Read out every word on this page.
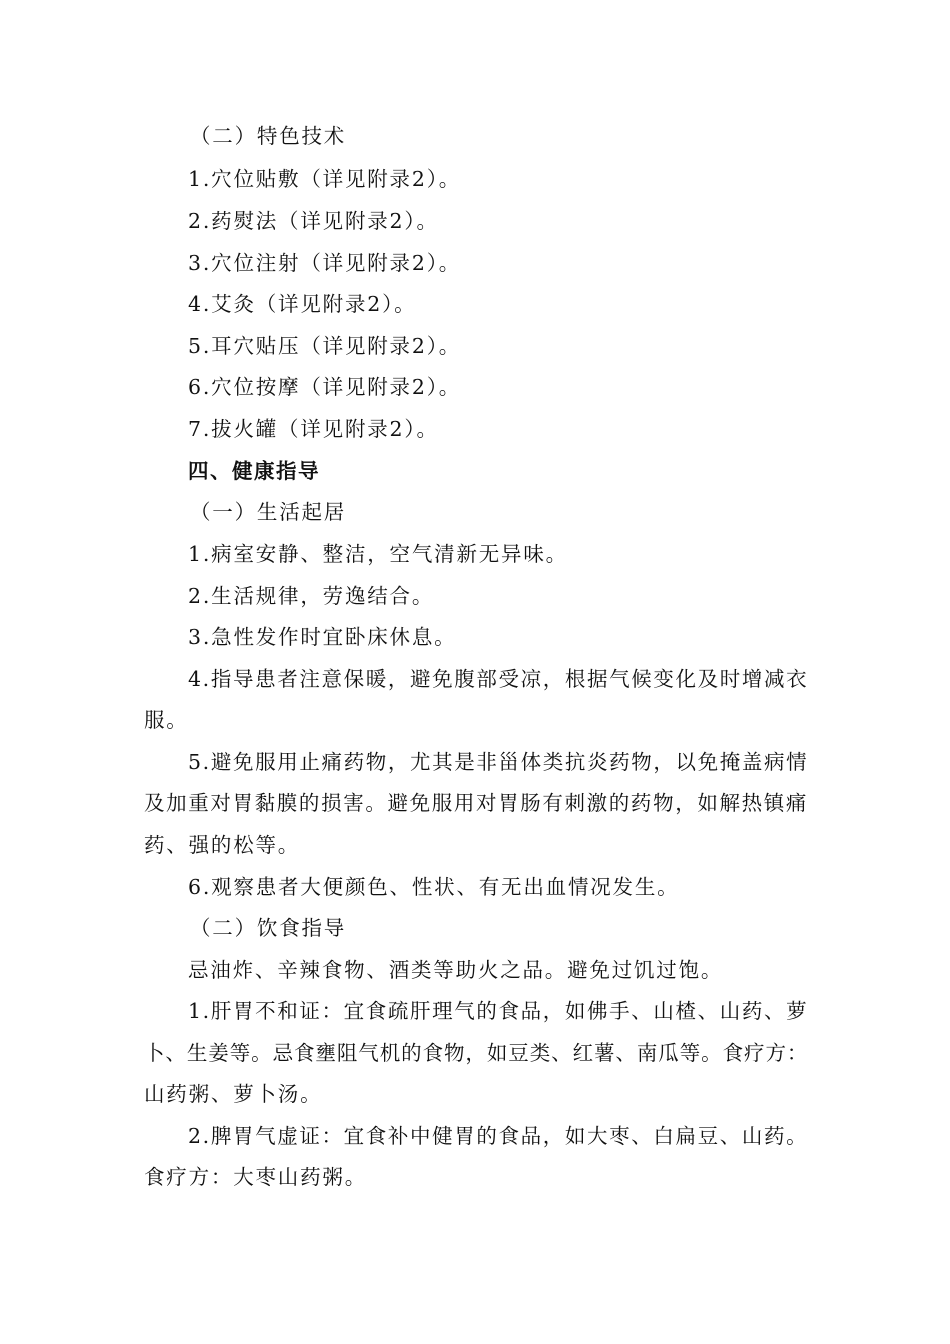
（二）特色技术
1.穴位贴敷（详见附录2）。
2.药熨法（详见附录2）。
3.穴位注射（详见附录2）。
4.艾灸（详见附录2）。
5.耳穴贴压（详见附录2）。
6.穴位按摩（详见附录2）。
7.拔火罐（详见附录2）。
四、健康指导
（一）生活起居
1.病室安静、整洁，空气清新无异味。
2.生活规律，劳逸结合。
3.急性发作时宜卧床休息。
4.指导患者注意保暖，避免腹部受凉，根据气候变化及时增减衣
服。
5.避免服用止痛药物，尤其是非甾体类抗炎药物，以免掩盖病情
及加重对胃黏膜的损害。避免服用对胃肠有刺激的药物，如解热镇痛
药、强的松等。
6.观察患者大便颜色、性状、有无出血情况发生。
（二）饮食指导
忌油炸、辛辣食物、酒类等助火之品。避免过饥过饱。
1.肝胃不和证：宜食疏肝理气的食品，如佛手、山楂、山药、萝
卜、生姜等。忌食壅阻气机的食物，如豆类、红薯、南瓜等。食疗方：
山药粥、萝卜汤。
2.脾胃气虚证：宜食补中健胃的食品，如大枣、白扁豆、山药。
食疗方：大枣山药粥。
